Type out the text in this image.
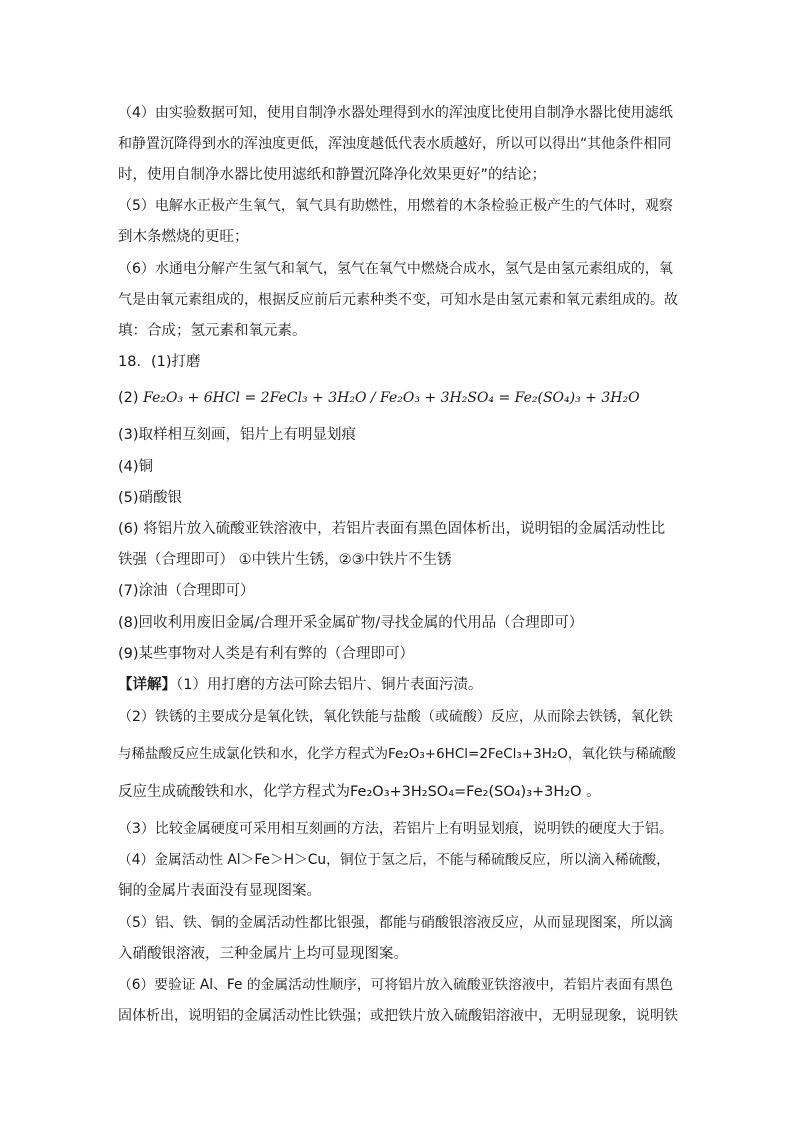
（4）由实验数据可知，使用自制净水器处理得到水的浑浊度比使用自制净水器比使用滤纸
和静置沉降得到水的浑浊度更低，浑浊度越低代表水质越好，所以可以得出“其他条件相同
时，使用自制净水器比使用滤纸和静置沉降净化效果更好”的结论；
（5）电解水正极产生氧气，氧气具有助燃性，用燃着的木条检验正极产生的气体时，观察
到木条燃烧的更旺；
（6）水通电分解产生氢气和氧气，氢气在氧气中燃烧合成水，氢气是由氢元素组成的，氧
气是由氧元素组成的，根据反应前后元素种类不变，可知水是由氢元素和氧元素组成的。故
填：合成；氢元素和氧元素。
18．(1)打磨
(2) Fe₂O₃ + 6HCl = 2FeCl₃ + 3H₂O / Fe₂O₃ + 3H₂SO₄ = Fe₂(SO₄)₃ + 3H₂O
(3)取样相互刻画，铝片上有明显划痕
(4)铜
(5)硝酸银
(6) 将铝片放入硫酸亚铁溶液中，若铝片表面有黑色固体析出，说明铝的金属活动性比
铁强（合理即可） ①中铁片生锈，②③中铁片不生锈
(7)涂油（合理即可）
(8)回收利用废旧金属/合理开采金属矿物/寻找金属的代用品（合理即可）
(9)某些事物对人类是有利有弊的（合理即可）
【详解】（1）用打磨的方法可除去铝片、铜片表面污渍。
（2）铁锈的主要成分是氧化铁，氧化铁能与盐酸（或硫酸）反应，从而除去铁锈，氧化铁
与稀盐酸反应生成氯化铁和水，化学方程式为Fe₂O₃+6HCl=2FeCl₃+3H₂O，氧化铁与稀硫酸
反应生成硫酸铁和水，化学方程式为Fe₂O₃+3H₂SO₄=Fe₂(SO₄)₃+3H₂O 。
（3）比较金属硬度可采用相互刻画的方法，若铝片上有明显划痕，说明铁的硬度大于铝。
（4）金属活动性 Al＞Fe＞H＞Cu，铜位于氢之后，不能与稀硫酸反应，所以滴入稀硫酸，
铜的金属片表面没有显现图案。
（5）铝、铁、铜的金属活动性都比银强，都能与硝酸银溶液反应，从而显现图案，所以滴
入硝酸银溶液，三种金属片上均可显现图案。
（6）要验证 Al、Fe 的金属活动性顺序，可将铝片放入硫酸亚铁溶液中，若铝片表面有黑色
固体析出，说明铝的金属活动性比铁强；或把铁片放入硫酸铝溶液中，无明显现象，说明铁
